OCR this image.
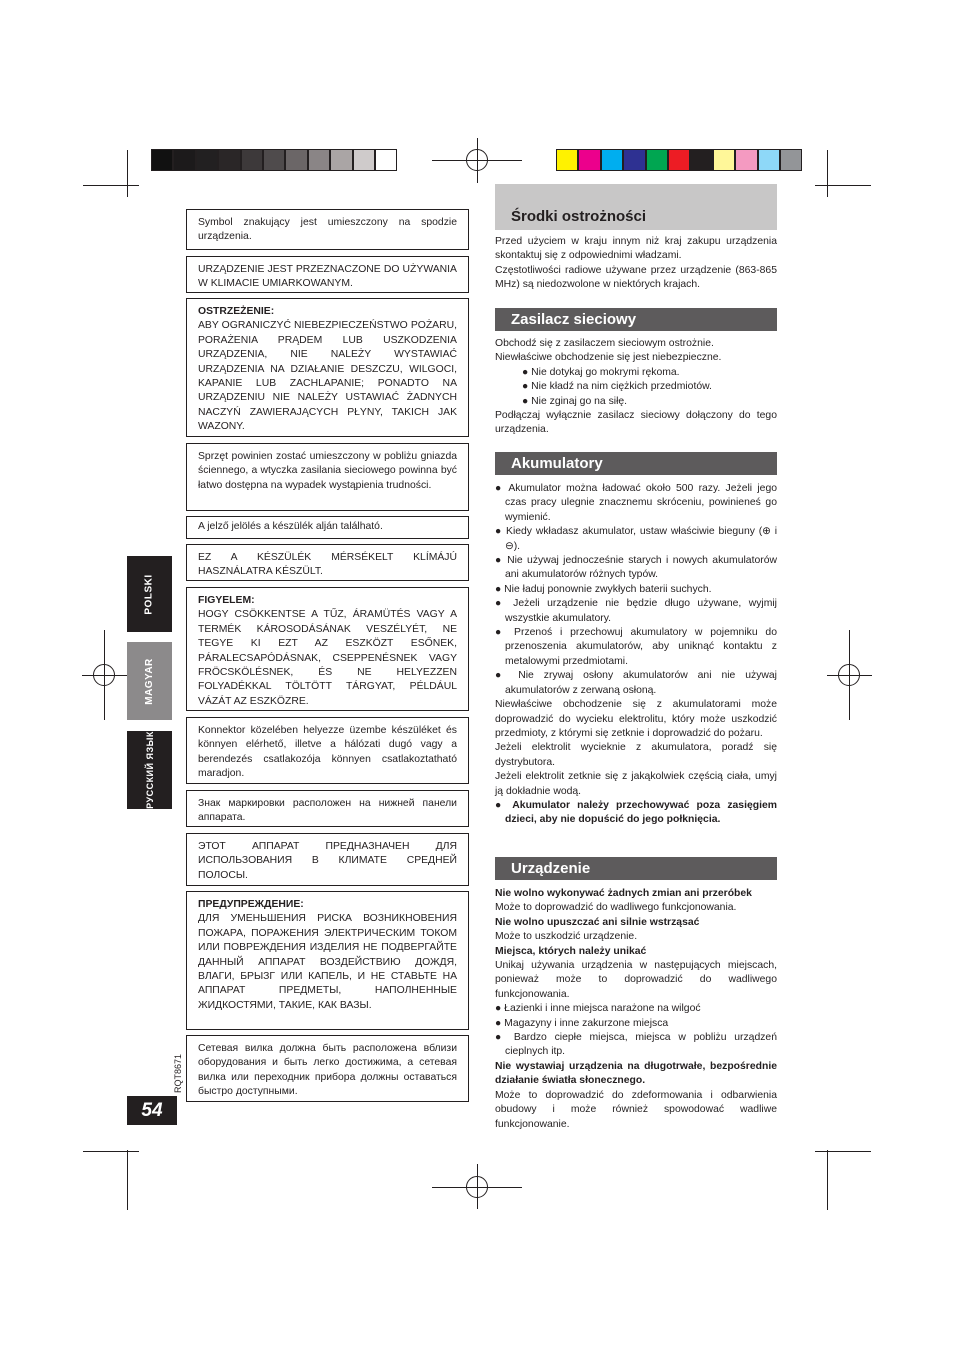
POLSKI
MAGYAR
РУССКИЙ ЯЗЫК
RQT8671
54

Symbol znakujący jest umieszczony na spodzie urządzenia.

URZĄDZENIE JEST PRZEZNACZONE DO UŻYWANIA W KLIMACIE UMIARKOWANYM.

OSTRZEŻENIE:

ABY OGRANICZYĆ NIEBEZPIECZEŃSTWO POŻARU, PORAŻENIA PRĄDEM LUB USZKODZENIA URZĄDZENIA, NIE NALEŻY WYSTAWIAĆ URZĄDZENIA NA DZIAŁANIE DESZCZU, WILGOCI, KAPANIE LUB ZACHLAPANIE; PONADTO NA URZĄDZENIU NIE NALEŻY USTAWIAĆ ŻADNYCH NACZYŃ ZAWIERAJĄCYCH PŁYNY, TAKICH JAK WAZONY.

Sprzęt powinien zostać umieszczony w pobliżu gniazda ściennego, a wtyczka zasilania sieciowego powinna być łatwo dostępna na wypadek wystąpienia trudności.

A jelző jelölés a készülék alján található.

EZ A KÉSZÜLÉK MÉRSÉKELT KLÍMÁJÚ HASZNÁLATRA KÉSZÜLT.

FIGYELEM:

HOGY CSÖKKENTSE A TŰZ, ÁRAMÜTÉS VAGY A TERMÉK KÁROSODÁSÁNAK VESZÉLYÉT, NE TEGYE KI EZT AZ ESZKÖZT ESŐNEK, PÁRALECSAPÓDÁSNAK, CSEPPENÉSNEK VAGY FRÖCSKÖLÉSNEK, ÉS NE HELYEZZEN FOLYADÉKKAL TÖLTÖTT TÁRGYAT, PÉLDÁUL VÁZÁT AZ ESZKÖZRE.

Konnektor közelében helyezze üzembe készüléket és könnyen elérhető, illetve a hálózati dugó vagy a berendezés csatlakozója könnyen csatlakoztatható maradjon.

Знак маркировки расположен на нижней панели аппарата.

ЭТОТ АППАРАТ ПРЕДНАЗНАЧЕН ДЛЯ ИСПОЛЬЗОВАНИЯ В КЛИМАТЕ СРЕДНЕЙ ПОЛОСЫ.

ПРЕДУПРЕЖДЕНИЕ:

ДЛЯ УМЕНЬШЕНИЯ РИСКА ВОЗНИКНОВЕНИЯ ПОЖАРА, ПОРАЖЕНИЯ ЭЛЕКТРИЧЕСКИМ ТОКОМ ИЛИ ПОВРЕЖДЕНИЯ ИЗДЕЛИЯ НЕ ПОДВЕРГАЙТЕ ДАННЫЙ АППАРАТ ВОЗДЕЙСТВИЮ ДОЖДЯ, ВЛАГИ, БРЫЗГ ИЛИ КАПЕЛЬ, И НЕ СТАВЬТЕ НА АППАРАТ ПРЕДМЕТЫ, НАПОЛНЕННЫЕ ЖИДКОСТЯМИ, ТАКИЕ, КАК ВАЗЫ.

Сетевая вилка должна быть расположена вблизи оборудования и быть легко достижима, а сетевая вилка или переходник прибора должны оставаться быстро доступными.

Środki ostrożności

Przed użyciem w kraju innym niż kraj zakupu urządzenia skontaktuj się z odpowiednimi władzami.

Częstotliwości radiowe używane przez urządzenie (863-865 MHz) są niedozwolone w niektórych krajach.

Zasilacz sieciowy

Obchodź się z zasilaczem sieciowym ostrożnie.

Niewłaściwe obchodzenie się jest niebezpieczne.

● Nie dotykaj go mokrymi rękoma.

● Nie kładź na nim ciężkich przedmiotów.

● Nie zginaj go na siłę.

Podłączaj wyłącznie zasilacz sieciowy dołączony do tego urządzenia.

Akumulatory

● Akumulator można ładować około 500 razy. Jeżeli jego czas pracy ulegnie znacznemu skróceniu, powinieneś go wymienić.

● Kiedy wkładasz akumulator, ustaw właściwie bieguny (⊕ i ⊖).

● Nie używaj jednocześnie starych i nowych akumulatorów ani akumulatorów różnych typów.

● Nie ładuj ponownie zwykłych baterii suchych.

● Jeżeli urządzenie nie będzie długo używane, wyjmij wszystkie akumulatory.

● Przenoś i przechowuj akumulatory w pojemniku do przenoszenia akumulatorów, aby uniknąć kontaktu z metalowymi przedmiotami.

● Nie zrywaj osłony akumulatorów ani nie używaj akumulatorów z zerwaną osłoną.

Niewłaściwe obchodzenie się z akumulatorami może doprowadzić do wycieku elektrolitu, który może uszkodzić przedmioty, z którymi się zetknie i doprowadzić do pożaru.

Jeżeli elektrolit wycieknie z akumulatora, poradź się dystrybutora.

Jeżeli elektrolit zetknie się z jakąkolwiek częścią ciała, umyj ją dokładnie wodą.

● Akumulator należy przechowywać poza zasięgiem dzieci, aby nie dopuścić do jego połknięcia.

Urządzenie

Nie wolno wykonywać żadnych zmian ani przeróbek

Może to doprowadzić do wadliwego funkcjonowania.

Nie wolno upuszczać ani silnie wstrząsać

Może to uszkodzić urządzenie.

Miejsca, których należy unikać

Unikaj używania urządzenia w następujących miejscach, ponieważ może to doprowadzić do wadliwego funkcjonowania.

● Łazienki i inne miejsca narażone na wilgoć

● Magazyny i inne zakurzone miejsca

● Bardzo ciepłe miejsca, miejsca w pobliżu urządzeń cieplnych itp.

Nie wystawiaj urządzenia na długotrwałe, bezpośrednie działanie światła słonecznego.

Może to doprowadzić do zdeformowania i odbarwienia obudowy i może również spowodować wadliwe funkcjonowanie.
